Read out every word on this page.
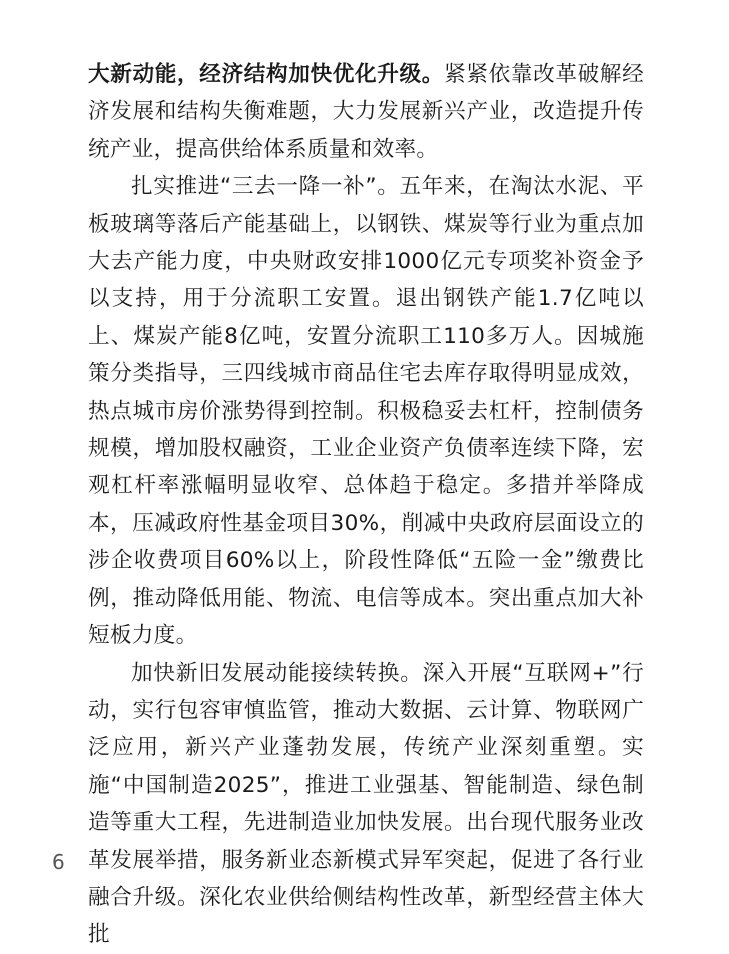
大新动能，经济结构加快优化升级。紧紧依靠改革破解经济发展和结构失衡难题，大力发展新兴产业，改造提升传统产业，提高供给体系质量和效率。

扎实推进“三去一降一补”。五年来，在淘汰水泥、平板玻璃等落后产能基础上，以钢铁、煤炭等行业为重点加大去产能力度，中央财政安排1000亿元专项奖补资金予以支持，用于分流职工安置。退出钢铁产能1.7亿吨以上、煤炭产能8亿吨，安置分流职工110多万人。因城施策分类指导，三四线城市商品住宅去库存取得明显成效，热点城市房价涨势得到控制。积极稳妥去杠杆，控制债务规模，增加股权融资，工业企业资产负债率连续下降，宏观杠杆率涨幅明显收窄、总体趋于稳定。多措并举降成本，压减政府性基金项目30%，削减中央政府层面设立的涉企收费项目60%以上，阶段性降低“五险一金”缴费比例，推动降低用能、物流、电信等成本。突出重点加大补短板力度。

加快新旧发展动能接续转换。深入开展“互联网+”行动，实行包容审慎监管，推动大数据、云计算、物联网广泛应用，新兴产业蓬勃发展，传统产业深刻重塑。实施“中国制造2025”，推进工业强基、智能制造、绿色制造等重大工程，先进制造业加快发展。出台现代服务业改革发展举措，服务新业态新模式异军突起，促进了各行业融合升级。深化农业供给侧结构性改革，新型经营主体大批

6
